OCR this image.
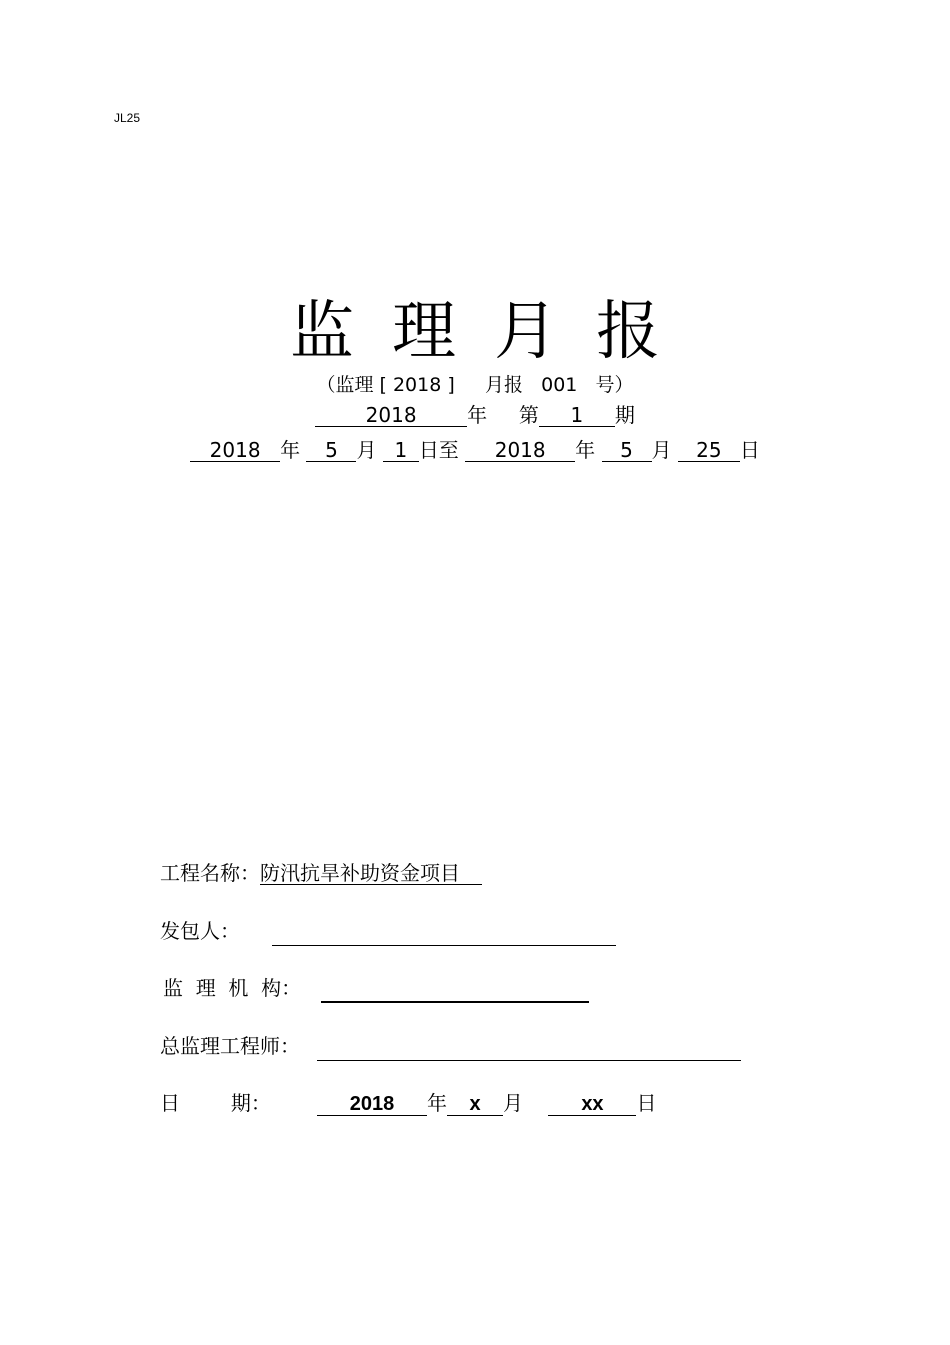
JL25
监理月报
（监理 [ 2018 ] 月报 001 号）
2018	年 第 1 期
2018 年 5 月 1 日至 2018 年 5 月 25 日
工程名称：防汛抗旱补助资金项目
发包人：
监  理  机  构：
总监理工程师：
日        期：	2018 年 x 月	xx 日
